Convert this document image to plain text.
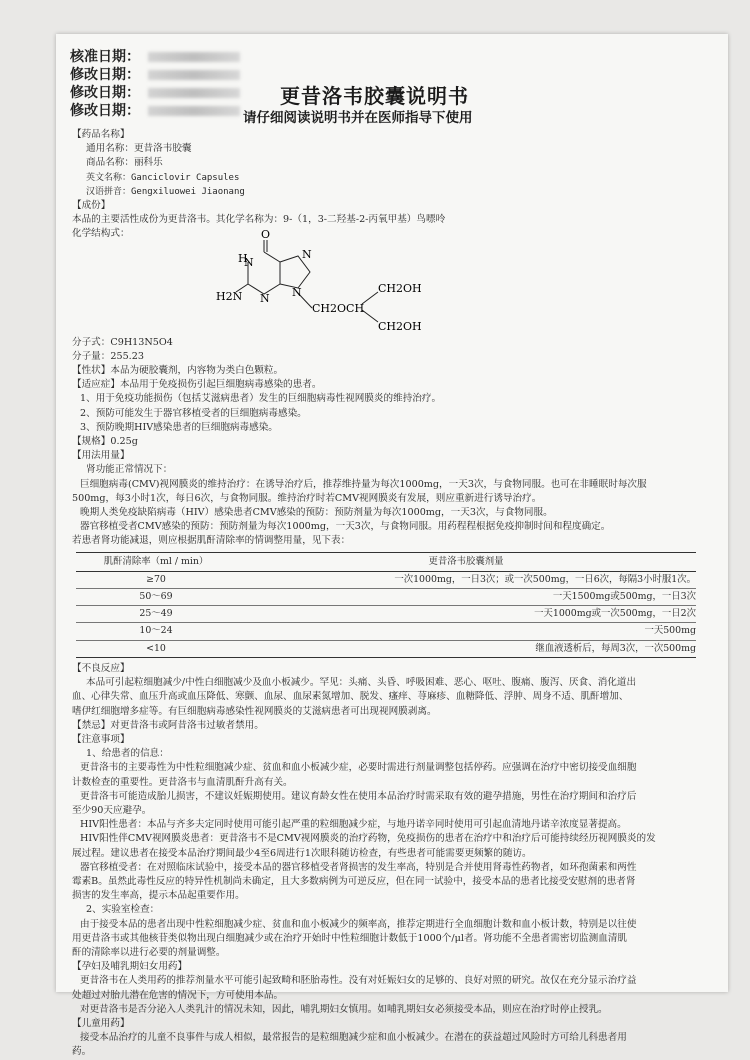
核准日期：
修改日期：
修改日期：
修改日期：
更昔洛韦胶囊说明书
请仔细阅读说明书并在医师指导下使用

【药品名称】

通用名称：更昔洛韦胶囊

商品名称：丽科乐

英文名称：Ganciclovir Capsules

汉语拼音：Gengxiluowei Jiaonang

【成份】

本品的主要活性成份为更昔洛韦。其化学名称为：9-（1，3-二羟基-2-丙氧甲基）鸟嘌呤

化学结构式：	O
H
N
N
N
N
H2N
CH2OCH
CH2OH
CH2OH

分子式：C9H13N5O4

分子量：255.23

【性状】本品为硬胶囊剂，内容物为类白色颗粒。

【适应症】本品用于免疫损伤引起巨细胞病毒感染的患者。

1、用于免疫功能损伤（包括艾滋病患者）发生的巨细胞病毒性视网膜炎的维持治疗。

2、预防可能发生于器官移植受者的巨细胞病毒感染。

3、预防晚期HIV感染患者的巨细胞病毒感染。

【规格】0.25g

【用法用量】

肾功能正常情况下：

巨细胞病毒(CMV)视网膜炎的维持治疗：在诱导治疗后，推荐维持量为每次1000mg，一天3次，与食物同服。也可在非睡眠时每次服

500mg，每3小时1次，每日6次，与食物同服。维持治疗时若CMV视网膜炎有发展，则应重新进行诱导治疗。

晚期人类免疫缺陷病毒（HIV）感染患者CMV感染的预防：预防剂量为每次1000mg，一天3次，与食物同服。

器官移植受者CMV感染的预防：预防剂量为每次1000mg，一天3次，与食物同服。用药程程根据免疫抑制时间和程度确定。

若患者肾功能减退，则应根据肌酐清除率的情调整用量，见下表：

肌酐清除率（ml / min）	更昔洛韦胶囊剂量
≥70	一次1000mg，一日3次；或一次500mg，一日6次，每隔3小时服1次。
50～69	一天1500mg或500mg，一日3次
25～49	一天1000mg或一次500mg，一日2次
10～24	一天500mg
<10	继血液透析后，每周3次，一次500mg

【不良反应】

本品可引起粒细胞减少/中性白细胞减少及血小板减少。罕见：头痛、头昏、呼吸困难、恶心、呕吐、腹痛、腹泻、厌食、消化道出

血、心律失常、血压升高或血压降低、寒颤、血尿、血尿素氮增加、脱发、瘙痒、荨麻疹、血糖降低、浮肿、周身不适、肌酐增加、

嗜伊红细胞增多症等。有巨细胞病毒感染性视网膜炎的艾滋病患者可出现视网膜剥离。

【禁忌】对更昔洛韦或阿昔洛韦过敏者禁用。

【注意事项】

1、给患者的信息：

更昔洛韦的主要毒性为中性粒细胞减少症、贫血和血小板减少症，必要时需进行剂量调整包括停药。应强调在治疗中密切接受血细胞

计数检查的重要性。更昔洛韦与血清肌酐升高有关。

更昔洛韦可能造成胎儿损害，不建议妊娠期使用。建议育龄女性在使用本品治疗时需采取有效的避孕措施，男性在治疗期间和治疗后

至少90天应避孕。

HIV阳性患者：本品与齐多夫定同时使用可能引起严重的粒细胞减少症，与地丹诺辛同时使用可引起血清地丹诺辛浓度显著提高。

HIV阳性伴CMV视网膜炎患者：更昔洛韦不是CMV视网膜炎的治疗药物，免疫损伤的患者在治疗中和治疗后可能持续经历视网膜炎的发

展过程。建议患者在接受本品治疗期间最少4至6周进行1次眼科随访检查，有些患者可能需要更频繁的随访。

器官移植受者：在对照临床试验中，接受本品的器官移植受者肾损害的发生率高，特别是合并使用肾毒性药物者，如环孢菌素和两性

霉素B。虽然此毒性反应的特异性机制尚未确定，且大多数病例为可逆反应，但在同一试验中，接受本品的患者比接受安慰剂的患者肾

损害的发生率高，提示本品起重要作用。

2、实验室检查：

由于接受本品的患者出现中性粒细胞减少症、贫血和血小板减少的频率高，推荐定期进行全血细胞计数和血小板计数，特别是以往使

用更昔洛韦或其他核苷类似物出现白细胞减少或在治疗开始时中性粒细胞计数低于1000个/μl者。肾功能不全患者需密切监测血清肌

酐的清除率以进行必要的剂量调整。

【孕妇及哺乳期妇女用药】

更昔洛韦在人类用药的推荐剂量水平可能引起致畸和胚胎毒性。没有对妊娠妇女的足够的、良好对照的研究。故仅在充分显示治疗益

处超过对胎儿潜在危害的情况下，方可使用本品。

对更昔洛韦是否分泌入人类乳汁的情况未知，因此，哺乳期妇女慎用。如哺乳期妇女必须接受本品，则应在治疗时停止授乳。

【儿童用药】

接受本品治疗的儿童不良事件与成人相似，最常报告的是粒细胞减少症和血小板减少。在潜在的获益超过风险时方可给儿科患者用

药。
